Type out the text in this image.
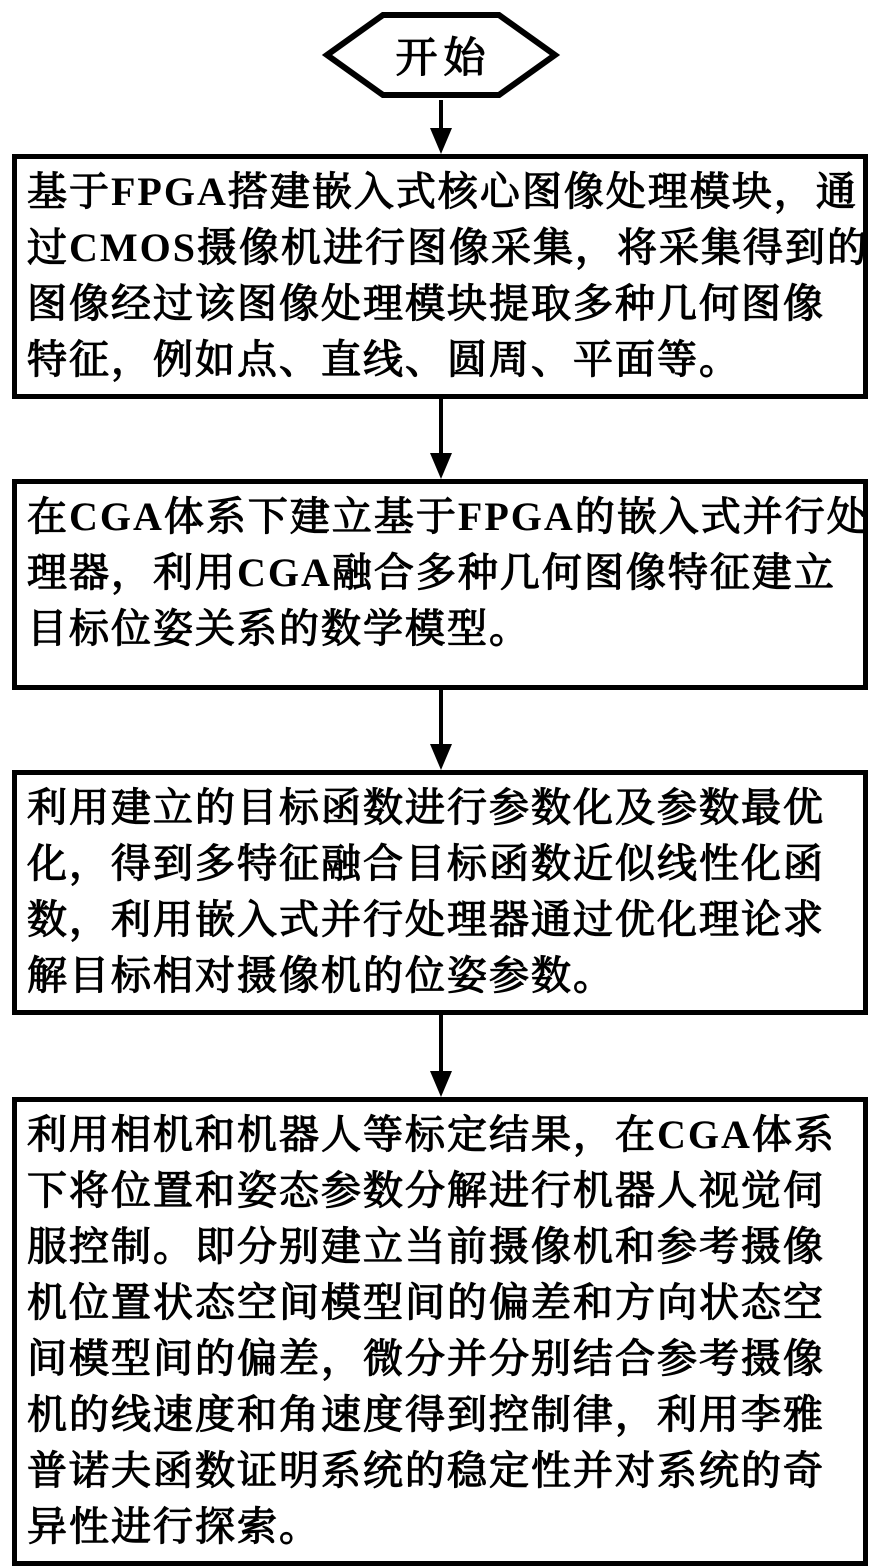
开始
基于FPGA搭建嵌入式核心图像处理模块，通
过CMOS摄像机进行图像采集，将采集得到的
图像经过该图像处理模块提取多种几何图像
特征，例如点、直线、圆周、平面等。
在CGA体系下建立基于FPGA的嵌入式并行处
理器，利用CGA融合多种几何图像特征建立
目标位姿关系的数学模型。
利用建立的目标函数进行参数化及参数最优
化，得到多特征融合目标函数近似线性化函
数，利用嵌入式并行处理器通过优化理论求
解目标相对摄像机的位姿参数。
利用相机和机器人等标定结果，在CGA体系
下将位置和姿态参数分解进行机器人视觉伺
服控制。即分别建立当前摄像机和参考摄像
机位置状态空间模型间的偏差和方向状态空
间模型间的偏差，微分并分别结合参考摄像
机的线速度和角速度得到控制律，利用李雅
普诺夫函数证明系统的稳定性并对系统的奇
异性进行探索。
